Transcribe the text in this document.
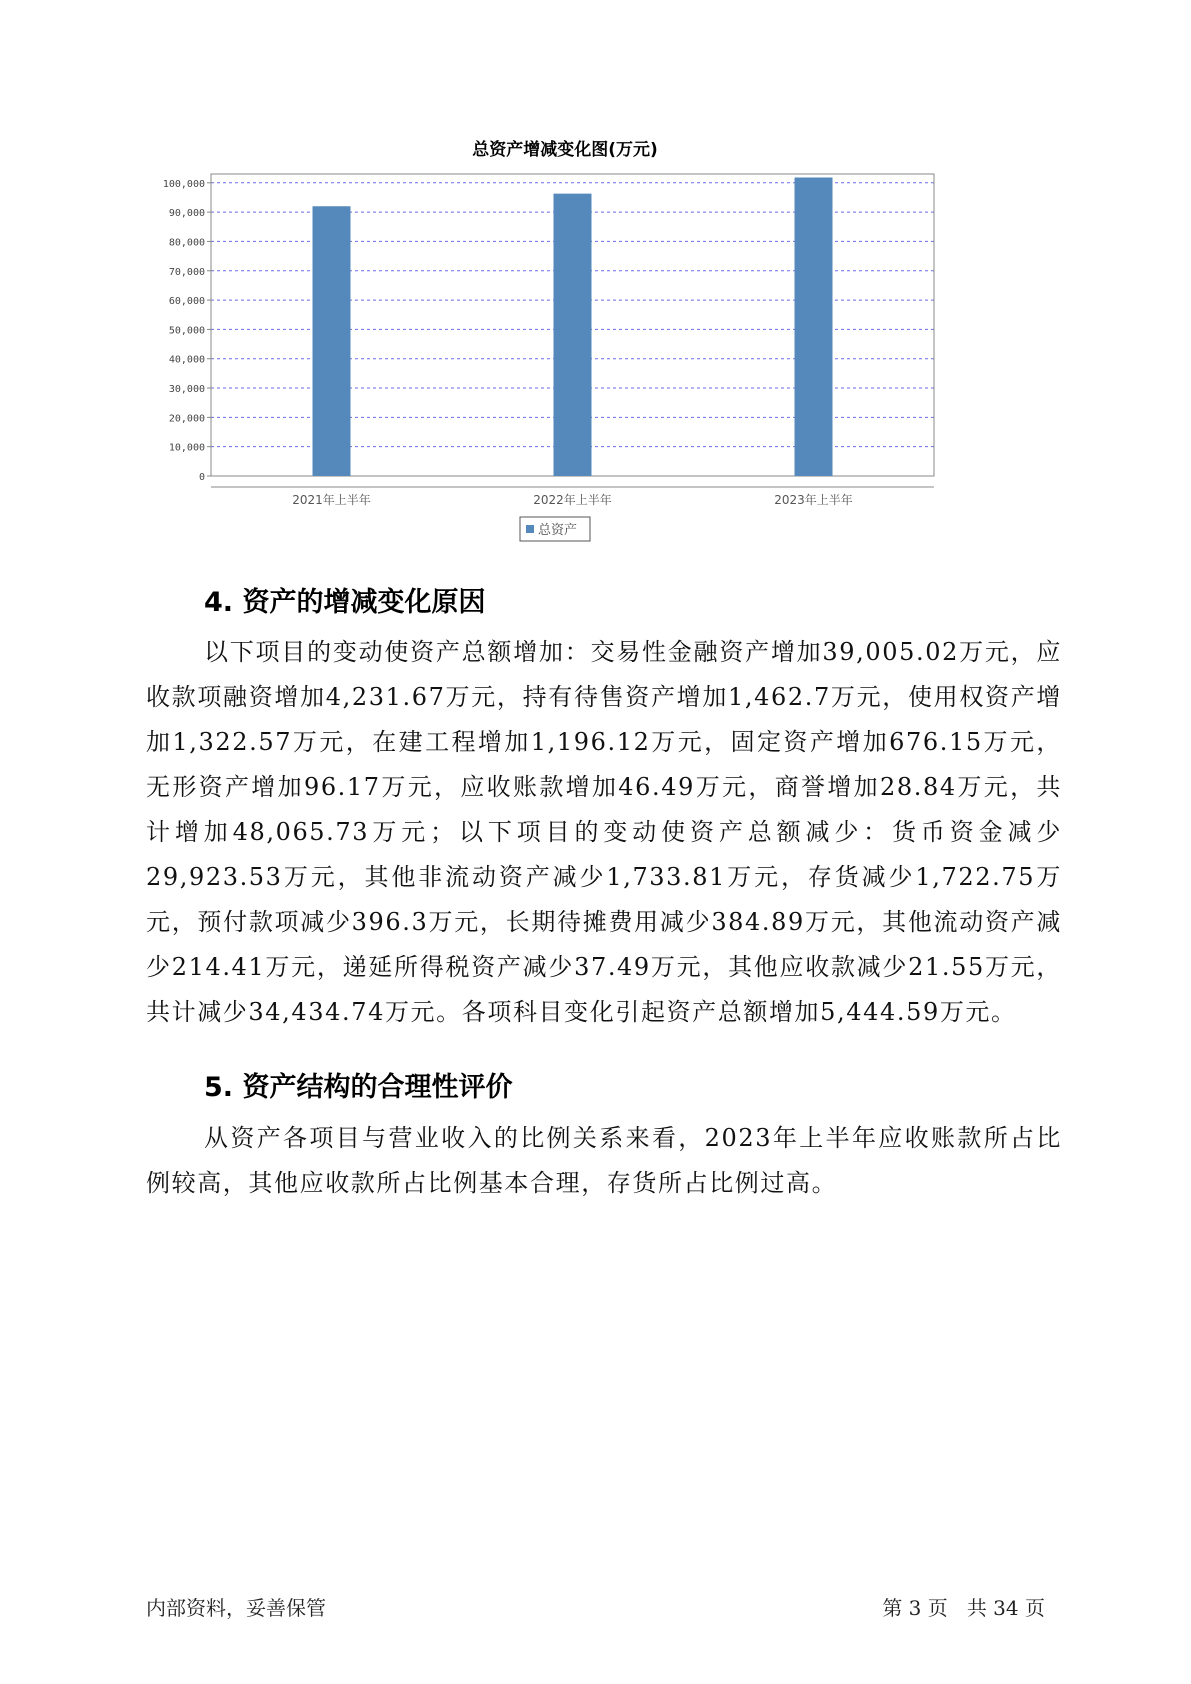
总资产增减变化图(万元)
0
10,000
20,000
30,000
40,000
50,000
60,000
70,000
80,000
90,000
100,000
2021年上半年	2022年上半年	2023年上半年
总资产
4. 资产的增减变化原因

以下项目的变动使资产总额增加：交易性金融资产增加39,005.02万元，应收款项融资增加4,231.67万元，持有待售资产增加1,462.7万元，使用权资产增加1,322.57万元，在建工程增加1,196.12万元，固定资产增加676.15万元，无形资产增加96.17万元，应收账款增加46.49万元，商誉增加28.84万元，共计增加48,065.73万元；以下项目的变动使资产总额减少：货币资金减少29,923.53万元，其他非流动资产减少1,733.81万元，存货减少1,722.75万元，预付款项减少396.3万元，长期待摊费用减少384.89万元，其他流动资产减少214.41万元，递延所得税资产减少37.49万元，其他应收款减少21.55万元，共计减少34,434.74万元。各项科目变化引起资产总额增加5,444.59万元。

5. 资产结构的合理性评价

从资产各项目与营业收入的比例关系来看，2023年上半年应收账款所占比例较高，其他应收款所占比例基本合理，存货所占比例过高。

内部资料，妥善保管	第 3 页   共 34 页
